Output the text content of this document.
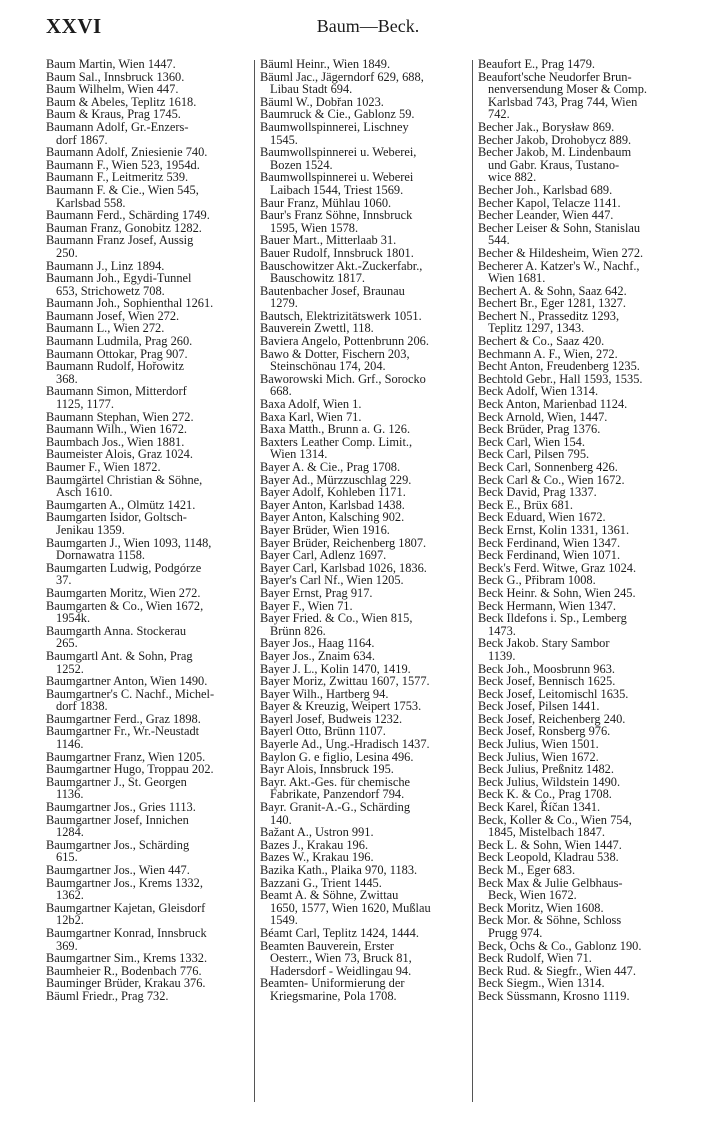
XXVI	Baum—Beck.
Baum Martin, Wien 1447.
Baum Sal., Innsbruck 1360.
Baum Wilhelm, Wien 447.
Baum & Abeles, Teplitz 1618.
Baum & Kraus, Prag 1745.
Baumann Adolf, Gr.-Enzers-
dorf 1867.
Baumann Adolf, Zniesienie 740.
Baumann F., Wien 523, 1954d.
Baumann F., Leitmeritz 539.
Baumann F. & Cie., Wien 545,
Karlsbad 558.
Baumann Ferd., Schärding 1749.
Bauman Franz, Gonobitz 1282.
Baumann Franz Josef, Aussig
250.
Baumann J., Linz 1894.
Baumann Joh., Egydi-Tunnel
653, Strichowetz 708.
Baumann Joh., Sophienthal 1261.
Baumann Josef, Wien 272.
Baumann L., Wien 272.
Baumann Ludmila, Prag 260.
Baumann Ottokar, Prag 907.
Baumann Rudolf, Hořowitz
368.
Baumann Simon, Mitterdorf
1125, 1177.
Baumann Stephan, Wien 272.
Baumann Wilh., Wien 1672.
Baumbach Jos., Wien 1881.
Baumeister Alois, Graz 1024.
Baumer F., Wien 1872.
Baumgärtel Christian & Söhne,
Asch 1610.
Baumgarten A., Olmütz 1421.
Baumgarten Isidor, Goltsch-
Jenikau 1359.
Baumgarten J., Wien 1093, 1148,
Dornawatra 1158.
Baumgarten Ludwig, Podgórze
37.
Baumgarten Moritz, Wien 272.
Baumgarten & Co., Wien 1672,
1954k.
Baumgarth Anna. Stockerau
265.
Baumgartl Ant. & Sohn, Prag
1252.
Baumgartner Anton, Wien 1490.
Baumgartner's C. Nachf., Michel-
dorf 1838.
Baumgartner Ferd., Graz 1898.
Baumgartner Fr., Wr.-Neustadt
1146.
Baumgartner Franz, Wien 1205.
Baumgartner Hugo, Troppau 202.
Baumgartner J., St. Georgen
1136.
Baumgartner Jos., Gries 1113.
Baumgartner Josef, Innichen
1284.
Baumgartner Jos., Schärding
615.
Baumgartner Jos., Wien 447.
Baumgartner Jos., Krems 1332,
1362.
Baumgartner Kajetan, Gleisdorf
12b2.
Baumgartner Konrad, Innsbruck
369.
Baumgartner Sim., Krems 1332.
Baumheier R., Bodenbach 776.
Bauminger Brüder, Krakau 376.
Bäuml Friedr., Prag 732.
Bäuml Heinr., Wien 1849.
Bäuml Jac., Jägerndorf 629, 688,
Libau Stadt 694.
Bäuml W., Dobřan 1023.
Baumruck & Cie., Gablonz 59.
Baumwollspinnerei, Lischney
1545.
Baumwollspinnerei u. Weberei,
Bozen 1524.
Baumwollspinnerei u. Weberei
Laibach 1544, Triest 1569.
Baur Franz, Mühlau 1060.
Baur's Franz Söhne, Innsbruck
1595, Wien 1578.
Bauer Mart., Mitterlaab 31.
Bauer Rudolf, Innsbruck 1801.
Bauschowitzer Akt.-Zuckerfabr.,
Bauschowitz 1817.
Bautenbacher Josef, Braunau
1279.
Bautsch, Elektrizitätswerk 1051.
Bauverein Zwettl, 118.
Baviera Angelo, Pottenbrunn 206.
Bawo & Dotter, Fischern 203,
Steinschönau 174, 204.
Baworowski Mich. Grf., Sorocko
668.
Baxa Adolf, Wien 1.
Baxa Karl, Wien 71.
Baxa Matth., Brunn a. G. 126.
Baxters Leather Comp. Limit.,
Wien 1314.
Bayer A. & Cie., Prag 1708.
Bayer Ad., Mürzzuschlag 229.
Bayer Adolf, Kohleben 1171.
Bayer Anton, Karlsbad 1438.
Bayer Anton, Kalsching 902.
Bayer Brüder, Wien 1916.
Bayer Brüder, Reichenberg 1807.
Bayer Carl, Adlenz 1697.
Bayer Carl, Karlsbad 1026, 1836.
Bayer's Carl Nf., Wien 1205.
Bayer Ernst, Prag 917.
Bayer F., Wien 71.
Bayer Fried. & Co., Wien 815,
Brünn 826.
Bayer Jos., Haag 1164.
Bayer Jos., Znaim 634.
Bayer J. L., Kolin 1470, 1419.
Bayer Moriz, Zwittau 1607, 1577.
Bayer Wilh., Hartberg 94.
Bayer & Kreuzig, Weipert 1753.
Bayerl Josef, Budweis 1232.
Bayerl Otto, Brünn 1107.
Bayerle Ad., Ung.-Hradisch 1437.
Baylon G. e figlio, Lesina 496.
Bayr Alois, Innsbruck 195.
Bayr. Akt.-Ges. für chemische
Fabrikate, Panzendorf 794.
Bayr. Granit-A.-G., Schärding
140.
Bažant A., Ustron 991.
Bazes J., Krakau 196.
Bazes W., Krakau 196.
Bazika Kath., Plaika 970, 1183.
Bazzani G., Trient 1445.
Beamt A. & Söhne, Zwittau
1650, 1577, Wien 1620, Mußlau
1549.
Béamt Carl, Teplitz 1424, 1444.
Beamten Bauverein, Erster
Oesterr., Wien 73, Bruck 81,
Hadersdorf - Weidlingau 94.
Beamten- Uniformierung der
Kriegsmarine, Pola 1708.
Beaufort E., Prag 1479.
Beaufort'sche Neudorfer Brun-
nenversendung Moser & Comp.
Karlsbad 743, Prag 744, Wien
742.
Becher Jak., Borysław 869.
Becher Jakob, Drohobycz 889.
Becher Jakob, M. Lindenbaum
und Gabr. Kraus, Tustano-
wice 882.
Becher Joh., Karlsbad 689.
Becher Kapol, Telacze 1141.
Becher Leander, Wien 447.
Becher Leiser & Sohn, Stanislau
544.
Becher & Hildesheim, Wien 272.
Becherer A. Katzer's W., Nachf.,
Wien 1681.
Bechert A. & Sohn, Saaz 642.
Bechert Br., Eger 1281, 1327.
Bechert N., Prasseditz 1293,
Teplitz 1297, 1343.
Bechert & Co., Saaz 420.
Bechmann A. F., Wien, 272.
Becht Anton, Freudenberg 1235.
Bechtold Gebr., Hall 1593, 1535.
Beck Adolf, Wien 1314.
Beck Anton, Marienbad 1124.
Beck Arnold, Wien, 1447.
Beck Brüder, Prag 1376.
Beck Carl, Wien 154.
Beck Carl, Pilsen 795.
Beck Carl, Sonnenberg 426.
Beck Carl & Co., Wien 1672.
Beck David, Prag 1337.
Beck E., Brüx 681.
Beck Eduard, Wien 1672.
Beck Ernst, Kolin 1331, 1361.
Beck Ferdinand, Wien 1347.
Beck Ferdinand, Wien 1071.
Beck's Ferd. Witwe, Graz 1024.
Beck G., Přibram 1008.
Beck Heinr. & Sohn, Wien 245.
Beck Hermann, Wien 1347.
Beck Ildefons i. Sp., Lemberg
1473.
Beck Jakob. Stary Sambor
1139.
Beck Joh., Moosbrunn 963.
Beck Josef, Bennisch 1625.
Beck Josef, Leitomischl 1635.
Beck Josef, Pilsen 1441.
Beck Josef, Reichenberg 240.
Beck Josef, Ronsberg 976.
Beck Julius, Wien 1501.
Beck Julius, Wien 1672.
Beck Julius, Preßnitz 1482.
Beck Julius, Wildstein 1490.
Beck K. & Co., Prag 1708.
Beck Karel, Říčan 1341.
Beck, Koller & Co., Wien 754,
1845, Mistelbach 1847.
Beck L. & Sohn, Wien 1447.
Beck Leopold, Kladrau 538.
Beck M., Eger 683.
Beck Max & Julie Gelbhaus-
Beck, Wien 1672.
Beck Moritz, Wien 1608.
Beck Mor. & Söhne, Schloss
Prugg 974.
Beck, Ochs & Co., Gablonz 190.
Beck Rudolf, Wien 71.
Beck Rud. & Siegfr., Wien 447.
Beck Siegm., Wien 1314.
Beck Süssmann, Krosno 1119.
